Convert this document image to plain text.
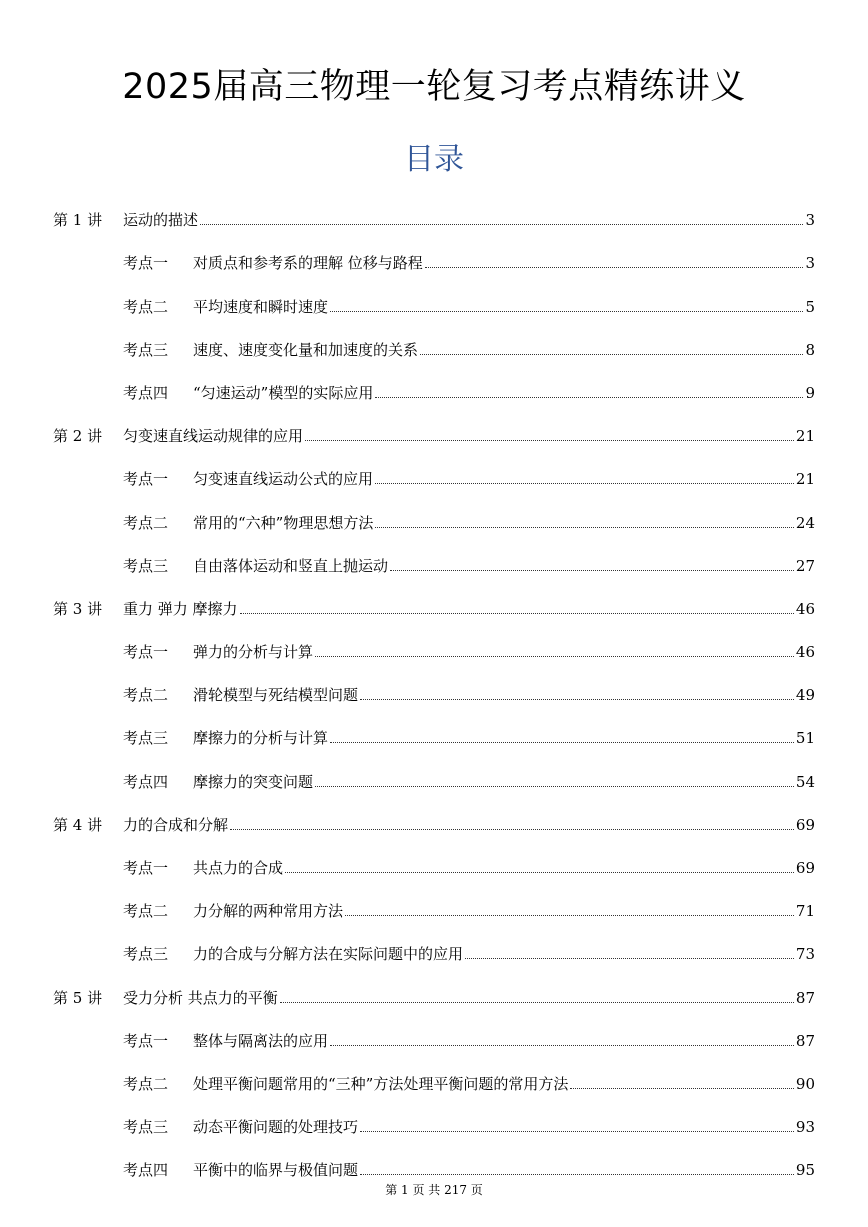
2025届高三物理一轮复习考点精练讲义
目录
第 1 讲	运动的描述	3
考点一	对质点和参考系的理解 位移与路程	3
考点二	平均速度和瞬时速度	5
考点三	速度、速度变化量和加速度的关系	8
考点四	“匀速运动”模型的实际应用	9
第 2 讲	匀变速直线运动规律的应用	21
考点一	匀变速直线运动公式的应用	21
考点二	常用的“六种”物理思想方法	24
考点三	自由落体运动和竖直上抛运动	27
第 3 讲	重力 弹力 摩擦力	46
考点一	弹力的分析与计算	46
考点二	滑轮模型与死结模型问题	49
考点三	摩擦力的分析与计算	51
考点四	摩擦力的突变问题	54
第 4 讲	力的合成和分解	69
考点一	共点力的合成	69
考点二	力分解的两种常用方法	71
考点三	力的合成与分解方法在实际问题中的应用	73
第 5 讲	受力分析 共点力的平衡	87
考点一	整体与隔离法的应用	87
考点二	处理平衡问题常用的“三种”方法处理平衡问题的常用方法	90
考点三	动态平衡问题的处理技巧	93
考点四	平衡中的临界与极值问题	95
第 1 页 共 217 页
